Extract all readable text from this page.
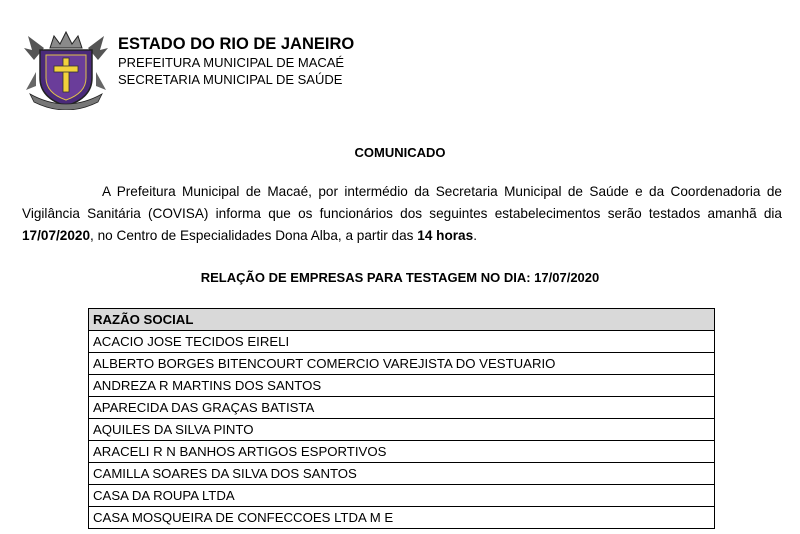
ESTADO DO RIO DE JANEIRO
PREFEITURA MUNICIPAL DE MACAÉ
SECRETARIA MUNICIPAL DE SAÚDE
COMUNICADO

A Prefeitura Municipal de Macaé, por intermédio da Secretaria Municipal de Saúde e da Coordenadoria de Vigilância Sanitária (COVISA) informa que os funcionários dos seguintes estabelecimentos serão testados amanhã dia 17/07/2020, no Centro de Especialidades Dona Alba, a partir das 14 horas.

RELAÇÃO DE EMPRESAS PARA TESTAGEM NO DIA: 17/07/2020
RAZÃO SOCIAL
ACACIO JOSE TECIDOS EIRELI
ALBERTO BORGES BITENCOURT COMERCIO VAREJISTA DO VESTUARIO
ANDREZA R MARTINS DOS SANTOS
APARECIDA DAS GRAÇAS BATISTA
AQUILES DA SILVA PINTO
ARACELI R N BANHOS ARTIGOS ESPORTIVOS
CAMILLA SOARES DA SILVA DOS SANTOS
CASA DA ROUPA LTDA
CASA MOSQUEIRA DE CONFECCOES LTDA M E
